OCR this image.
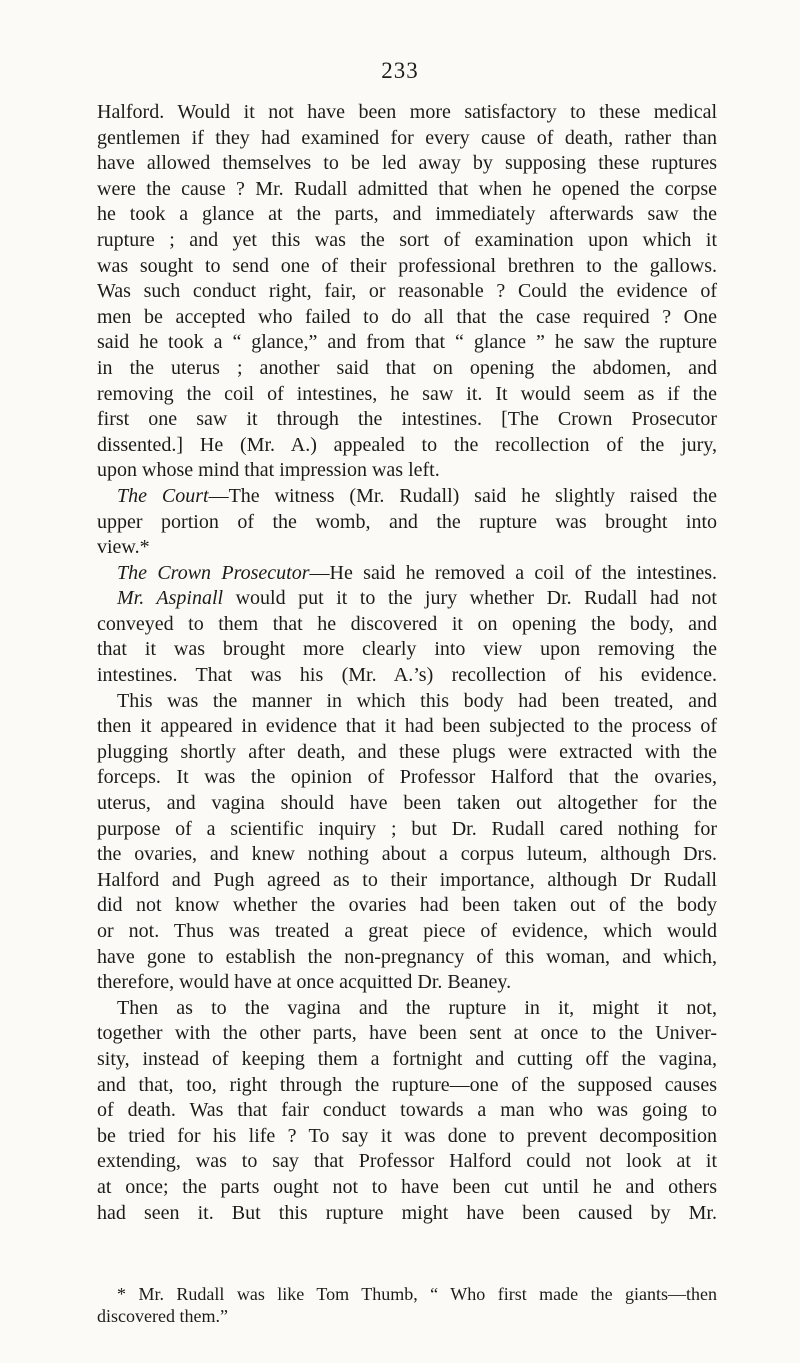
233
Halford. Would it not have been more satisfactory to these medical
gentlemen if they had examined for every cause of death, rather than
have allowed themselves to be led away by supposing these ruptures
were the cause ? Mr. Rudall admitted that when he opened the corpse
he took a glance at the parts, and immediately afterwards saw the
rupture ; and yet this was the sort of examination upon which it
was sought to send one of their professional brethren to the gallows.
Was such conduct right, fair, or reasonable ? Could the evidence of
men be accepted who failed to do all that the case required ? One
said he took a “ glance,” and from that “ glance ” he saw the rupture
in the uterus ; another said that on opening the abdomen, and
removing the coil of intestines, he saw it. It would seem as if the
first one saw it through the intestines. [The Crown Prosecutor
dissented.] He (Mr. A.) appealed to the recollection of the jury,
upon whose mind that impression was left.
The Court—The witness (Mr. Rudall) said he slightly raised the
upper portion of the womb, and the rupture was brought into
view.*
The Crown Prosecutor—He said he removed a coil of the intestines.
Mr. Aspinall would put it to the jury whether Dr. Rudall had not
conveyed to them that he discovered it on opening the body, and
that it was brought more clearly into view upon removing the
intestines. That was his (Mr. A.’s) recollection of his evidence.
This was the manner in which this body had been treated, and
then it appeared in evidence that it had been subjected to the process of
plugging shortly after death, and these plugs were extracted with the
forceps. It was the opinion of Professor Halford that the ovaries,
uterus, and vagina should have been taken out altogether for the
purpose of a scientific inquiry ; but Dr. Rudall cared nothing for
the ovaries, and knew nothing about a corpus luteum, although Drs.
Halford and Pugh agreed as to their importance, although Dr Rudall
did not know whether the ovaries had been taken out of the body
or not. Thus was treated a great piece of evidence, which would
have gone to establish the non-pregnancy of this woman, and which,
therefore, would have at once acquitted Dr. Beaney.
Then as to the vagina and the rupture in it, might it not,
together with the other parts, have been sent at once to the Univer-
sity, instead of keeping them a fortnight and cutting off the vagina,
and that, too, right through the rupture—one of the supposed causes
of death. Was that fair conduct towards a man who was going to
be tried for his life ? To say it was done to prevent decomposition
extending, was to say that Professor Halford could not look at it
at once; the parts ought not to have been cut until he and others
had seen it. But this rupture might have been caused by Mr.
* Mr. Rudall was like Tom Thumb, “ Who first made the giants—then
discovered them.”
